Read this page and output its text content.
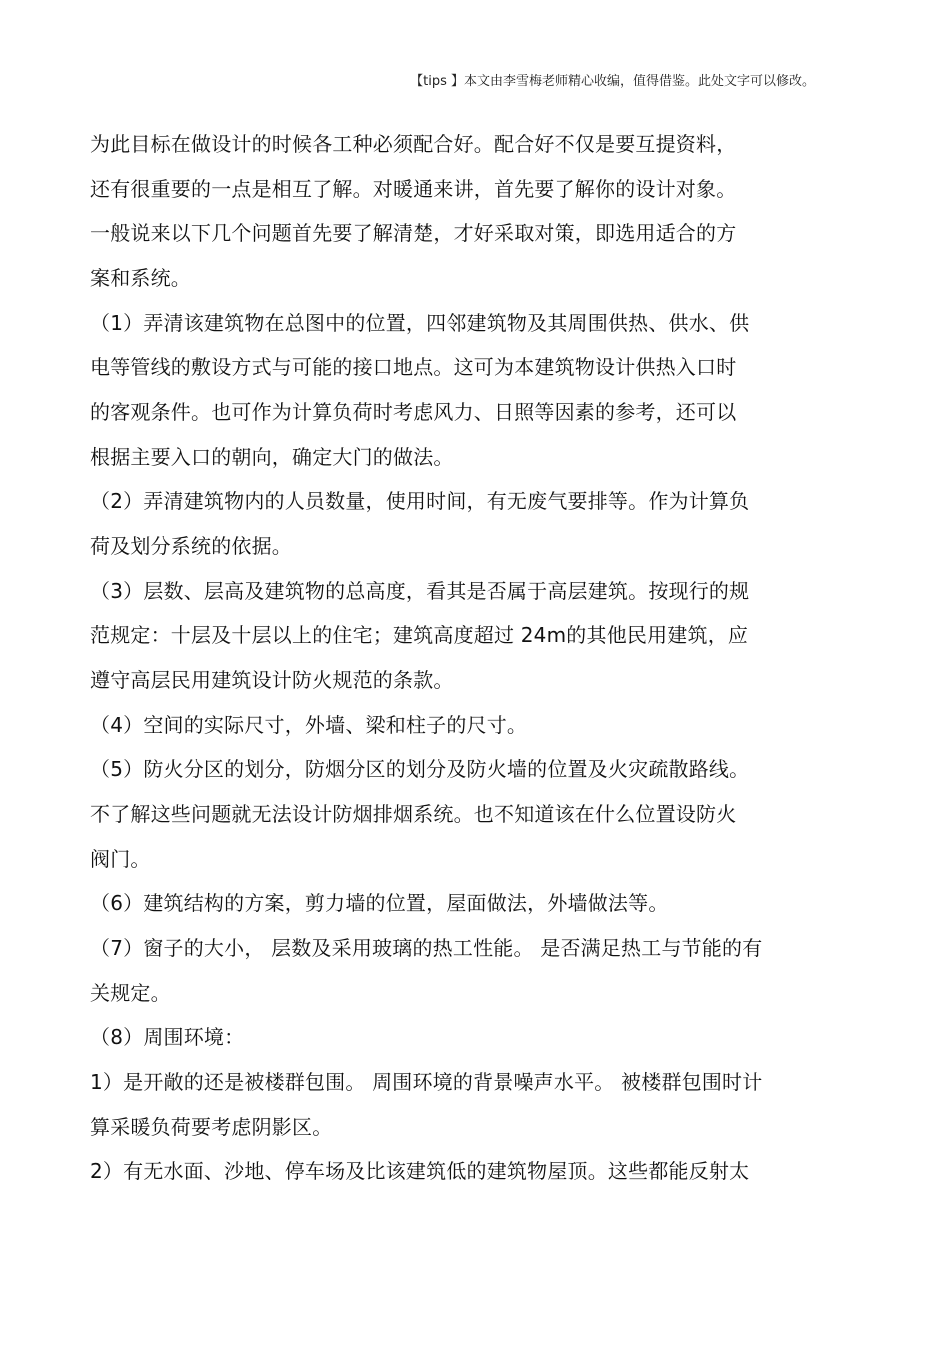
【tips 】本文由李雪梅老师精心收编，值得借鉴。此处文字可以修改。
为此目标在做设计的时候各工种必须配合好。配合好不仅是要互提资料，
还有很重要的一点是相互了解。对暖通来讲，首先要了解你的设计对象。
一般说来以下几个问题首先要了解清楚，才好采取对策，即选用适合的方
案和系统。
（1）弄清该建筑物在总图中的位置，四邻建筑物及其周围供热、供水、供
电等管线的敷设方式与可能的接口地点。这可为本建筑物设计供热入口时
的客观条件。也可作为计算负荷时考虑风力、日照等因素的参考，还可以
根据主要入口的朝向，确定大门的做法。
（2）弄清建筑物内的人员数量，使用时间，有无废气要排等。作为计算负
荷及划分系统的依据。
（3）层数、层高及建筑物的总高度，看其是否属于高层建筑。按现行的规
范规定：十层及十层以上的住宅；建筑高度超过 24m的其他民用建筑，应
遵守高层民用建筑设计防火规范的条款。
（4）空间的实际尺寸，外墙、梁和柱子的尺寸。
（5）防火分区的划分，防烟分区的划分及防火墙的位置及火灾疏散路线。
不了解这些问题就无法设计防烟排烟系统。也不知道该在什么位置设防火
阀门。
（6）建筑结构的方案，剪力墙的位置，屋面做法，外墙做法等。
（7）窗子的大小， 层数及采用玻璃的热工性能。 是否满足热工与节能的有
关规定。
（8）周围环境：
1）是开敞的还是被楼群包围。 周围环境的背景噪声水平。 被楼群包围时计
算采暖负荷要考虑阴影区。
2）有无水面、沙地、停车场及比该建筑低的建筑物屋顶。这些都能反射太
